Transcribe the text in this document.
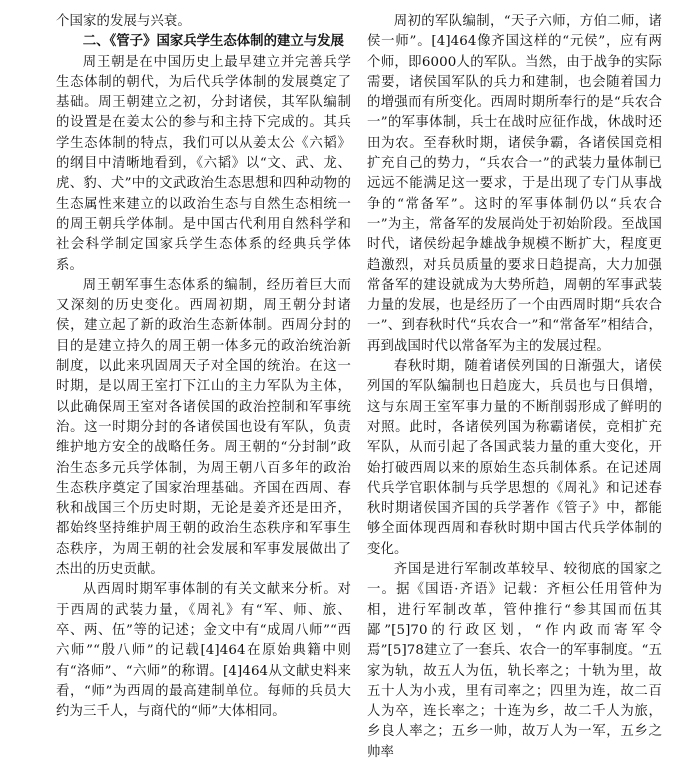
个国家的发展与兴衰。

二、《管子》国家兵学生态体制的建立与发展

周王朝是在中国历史上最早建立并完善兵学生态体制的朝代，为后代兵学体制的发展奠定了基础。周王朝建立之初，分封诸侯，其军队编制的设置是在姜太公的参与和主持下完成的。其兵学生态体制的特点，我们可以从姜太公《六韬》的纲目中清晰地看到，《六韬》以“文、武、龙、虎、豹、犬”中的文武政治生态思想和四种动物的生态属性来建立的以政治生态与自然生态相统一的周王朝兵学体制。是中国古代利用自然科学和社会科学制定国家兵学生态体系的经典兵学体系。

周王朝军事生态体系的编制，经历着巨大而又深刻的历史变化。西周初期，周王朝分封诸侯，建立起了新的政治生态新体制。西周分封的目的是建立持久的周王朝一体多元的政治统治新制度，以此来巩固周天子对全国的统治。在这一时期，是以周王室打下江山的主力军队为主体，以此确保周王室对各诸侯国的政治控制和军事统治。这一时期分封的各诸侯国也设有军队，负责维护地方安全的战略任务。周王朝的“分封制”政治生态多元兵学体制，为周王朝八百多年的政治生态秩序奠定了国家治理基础。齐国在西周、春秋和战国三个历史时期，无论是姜齐还是田齐，都始终坚持维护周王朝的政治生态秩序和军事生态秩序，为周王朝的社会发展和军事发展做出了杰出的历史贡献。

从西周时期军事体制的有关文献来分析。对于西周的武装力量，《周礼》有“军、师、旅、卒、两、伍”等的记述；金文中有“成周八师”“西六师”“殷八师”的记载[4]464在原始典籍中则有“洛师”、“六师”的称谓。[4]464从文献史料来看，“师”为西周的最高建制单位。每师的兵员大约为三千人，与商代的“师”大体相同。

周初的军队编制，“天子六师，方伯二师，诸侯一师”。[4]464像齐国这样的“元侯”，应有两个师，即6000人的军队。当然，由于战争的实际需要，诸侯国军队的兵力和建制，也会随着国力的增强而有所变化。西周时期所奉行的是“兵农合一”的军事体制，兵士在战时应征作战，休战时还田为农。至春秋时期，诸侯争霸，各诸侯国竞相扩充自己的势力，“兵农合一”的武装力量体制已远远不能满足这一要求，于是出现了专门从事战争的“常备军”。这时的军事体制仍以“兵农合一”为主，常备军的发展尚处于初始阶段。至战国时代，诸侯纷起争雄战争规模不断扩大，程度更趋激烈，对兵员质量的要求日趋提高，大力加强常备军的建设就成为大势所趋，周朝的军事武装力量的发展，也是经历了一个由西周时期“兵农合一”、到春秋时代“兵农合一”和“常备军”相结合，再到战国时代以常备军为主的发展过程。

春秋时期，随着诸侯列国的日渐强大，诸侯列国的军队编制也日趋庞大，兵员也与日俱增，这与东周王室军事力量的不断削弱形成了鲜明的对照。此时，各诸侯列国为称霸诸侯，竞相扩充军队，从而引起了各国武装力量的重大变化，开始打破西周以来的原始生态兵制体系。在记述周代兵学官职体制与兵学思想的《周礼》和记述春秋时期诸侯国齐国的兵学著作《管子》中，都能够全面体现西周和春秋时期中国古代兵学体制的变化。

齐国是进行军制改革较早、较彻底的国家之一。据《国语·齐语》记载：齐桓公任用管仲为相，进行军制改革，管仲推行“参其国而伍其鄙”[5]70的行政区划，“作内政而寄军令焉”[5]78建立了一套兵、农合一的军事制度。“五家为轨，故五人为伍，轨长率之；十轨为里，故五十人为小戎，里有司率之；四里为连，故二百人为卒，连长率之；十连为乡，故二千人为旅，乡良人率之；五乡一帅，故万人为一军，五乡之帅率
